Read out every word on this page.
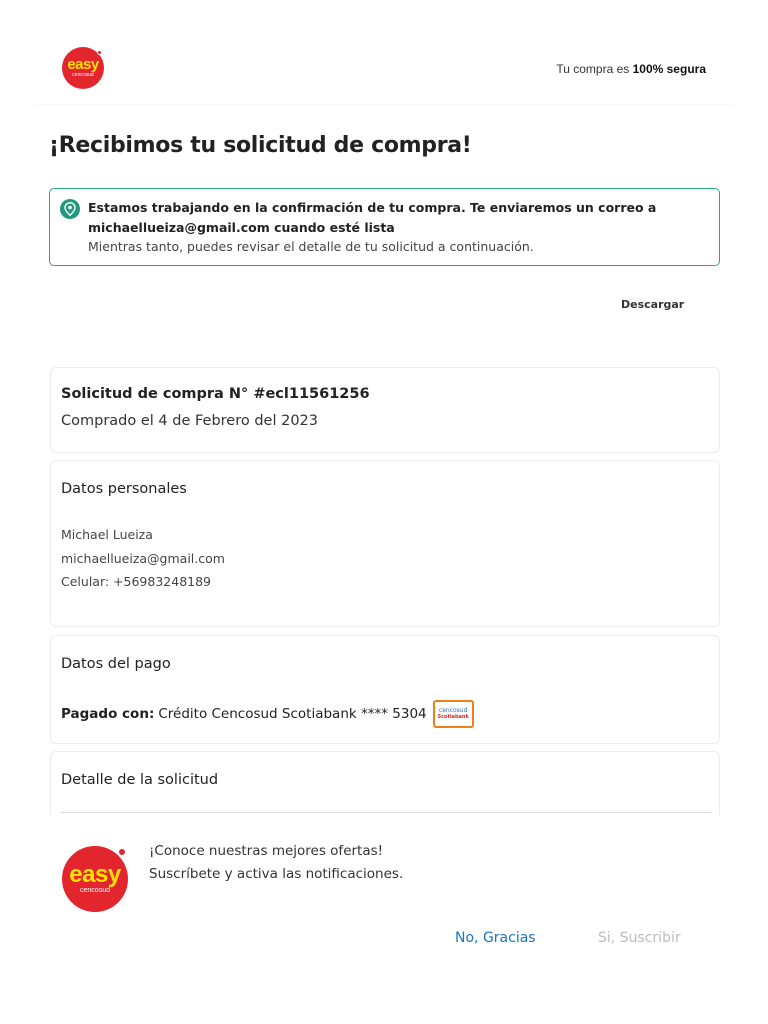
easy
cencosud	Tu compra es 100% segura
¡Recibimos tu solicitud de compra!
Estamos trabajando en la confirmación de tu compra. Te enviaremos un correo a
michaellueiza@gmail.com cuando esté lista
Mientras tanto, puedes revisar el detalle de tu solicitud a continuación.
Descargar
Solicitud de compra N° #ecl11561256
Comprado el 4 de Febrero del 2023
Datos personales
Michael Lueiza
michaellueiza@gmail.com
Celular: +56983248189
Datos del pago
Pagado con: Crédito Cencosud Scotiabank **** 5304 cencosud
Scotiabank
Detalle de la solicitud
easy
cencosud
¡Conoce nuestras mejores ofertas!
Suscríbete y activa las notificaciones.
No, Gracias	Si, Suscribir
